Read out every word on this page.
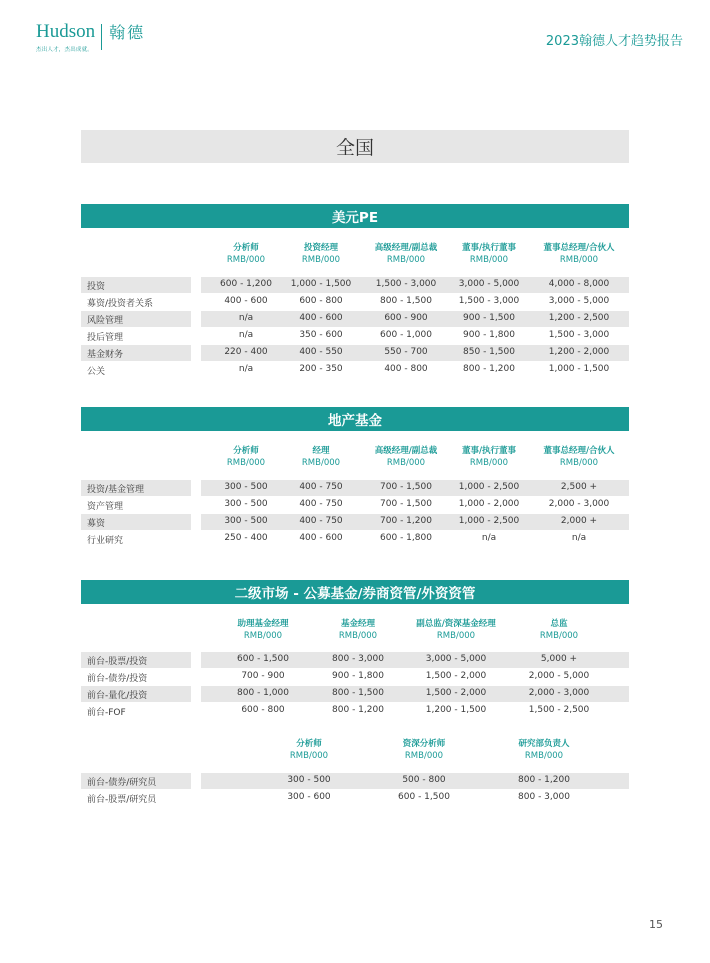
Hudson
杰出人才，杰出成就。
翰德	2023翰德人才趋势报告
全国
美元PE
分析师
RMB/000
投资经理
RMB/000
高级经理/副总裁
RMB/000
董事/执行董事
RMB/000
董事总经理/合伙人
RMB/000
投资	600 - 1,200	1,000 - 1,500	1,500 - 3,000	3,000 - 5,000	4,000 - 8,000
募资/投资者关系	400 - 600	600 - 800	800 - 1,500	1,500 - 3,000	3,000 - 5,000
风险管理	n/a	400 - 600	600 - 900	900 - 1,500	1,200 - 2,500
投后管理	n/a	350 - 600	600 - 1,000	900 - 1,800	1,500 - 3,000
基金财务	220 - 400	400 - 550	550 - 700	850 - 1,500	1,200 - 2,000
公关	n/a	200 - 350	400 - 800	800 - 1,200	1,000 - 1,500
地产基金
分析师
RMB/000
经理
RMB/000
高级经理/副总裁
RMB/000
董事/执行董事
RMB/000
董事总经理/合伙人
RMB/000
投资/基金管理	300 - 500	400 - 750	700 - 1,500	1,000 - 2,500	2,500 +
资产管理	300 - 500	400 - 750	700 - 1,500	1,000 - 2,000	2,000 - 3,000
募资	300 - 500	400 - 750	700 - 1,200	1,000 - 2,500	2,000 +
行业研究	250 - 400	400 - 600	600 - 1,800	n/a	n/a
二级市场 - 公募基金/券商资管/外资资管
助理基金经理
RMB/000
基金经理
RMB/000
副总监/资深基金经理
RMB/000
总监
RMB/000
前台-股票/投资	600 - 1,500	800 - 3,000	3,000 - 5,000	5,000 +
前台-债券/投资	700 - 900	900 - 1,800	1,500 - 2,000	2,000 - 5,000
前台-量化/投资	800 - 1,000	800 - 1,500	1,500 - 2,000	2,000 - 3,000
前台-FOF	600 - 800	800 - 1,200	1,200 - 1,500	1,500 - 2,500
分析师
RMB/000
资深分析师
RMB/000
研究部负责人
RMB/000
前台-债券/研究员	300 - 500	500 - 800	800 - 1,200
前台-股票/研究员	300 - 600	600 - 1,500	800 - 3,000
15
